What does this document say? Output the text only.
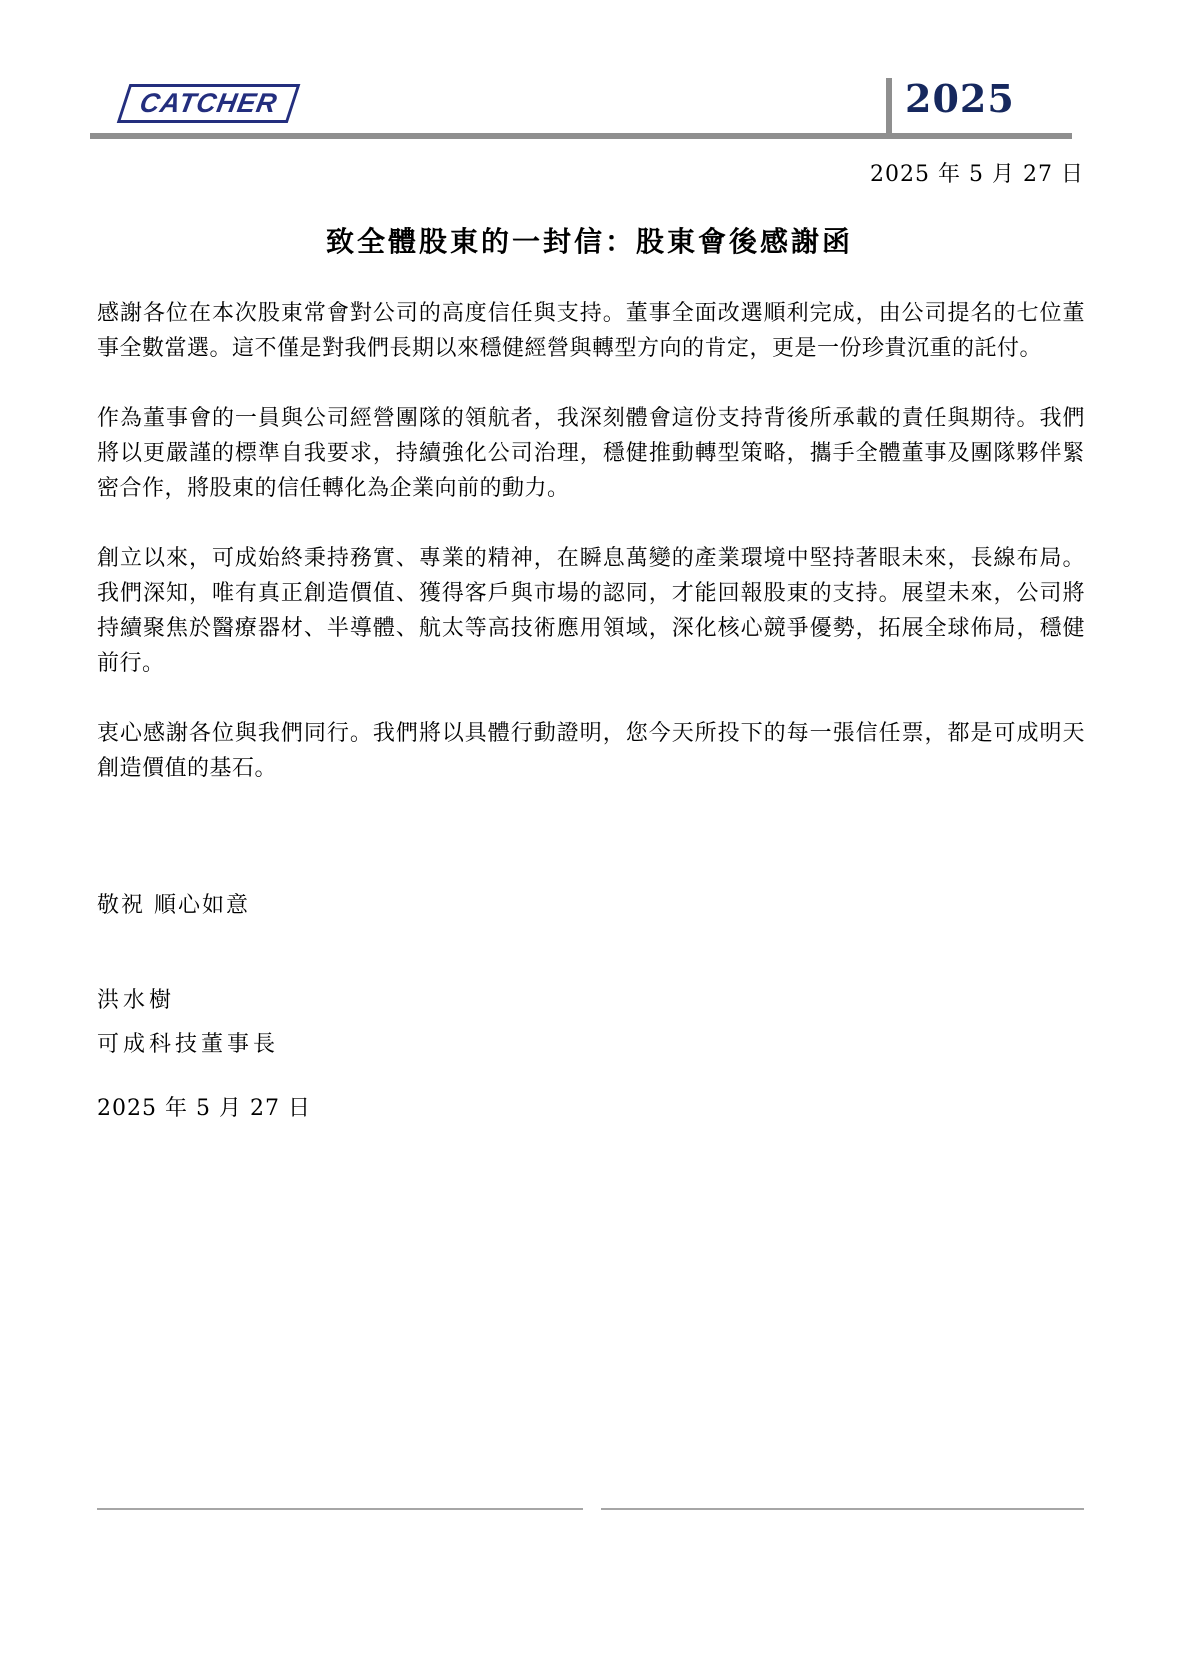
CATCHER	2025
2025 年 5 月 27 日
致全體股東的一封信：股東會後感謝函

感謝各位在本次股東常會對公司的高度信任與支持。董事全面改選順利完成，由公司提名的七位董事全數當選。這不僅是對我們長期以來穩健經營與轉型方向的肯定，更是一份珍貴沉重的託付。

作為董事會的一員與公司經營團隊的領航者，我深刻體會這份支持背後所承載的責任與期待。我們將以更嚴謹的標準自我要求，持續強化公司治理，穩健推動轉型策略，攜手全體董事及團隊夥伴緊密合作，將股東的信任轉化為企業向前的動力。

創立以來，可成始終秉持務實、專業的精神，在瞬息萬變的產業環境中堅持著眼未來，長線布局。我們深知，唯有真正創造價值、獲得客戶與市場的認同，才能回報股東的支持。展望未來，公司將持續聚焦於醫療器材、半導體、航太等高技術應用領域，深化核心競爭優勢，拓展全球佈局，穩健前行。

衷心感謝各位與我們同行。我們將以具體行動證明，您今天所投下的每一張信任票，都是可成明天創造價值的基石。

敬祝 順心如意
洪水樹
可成科技董事長
2025 年 5 月 27 日
